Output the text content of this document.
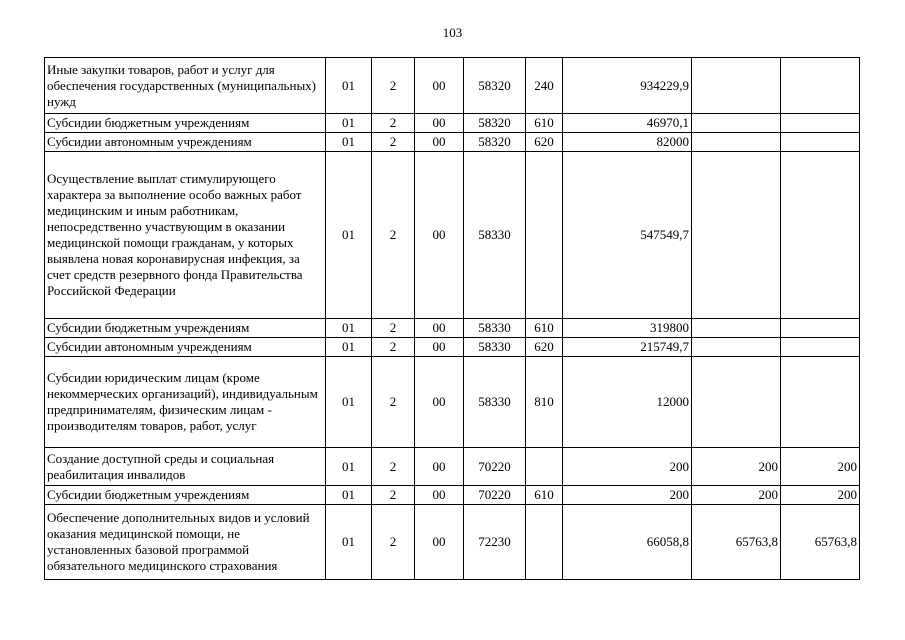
103
Иные закупки товаров, работ и услуг для обеспечения государственных (муниципальных) нужд	01	2	00	58320	240	934229,9		
Субсидии бюджетным учреждениям	01	2	00	58320	610	46970,1		
Субсидии автономным учреждениям	01	2	00	58320	620	82000		
Осуществление выплат стимулирующего характера за выполнение особо важных работ медицинским и иным работникам, непосредственно участвующим в оказании медицинской помощи гражданам, у которых выявлена новая коронавирусная инфекция, за счет средств резервного фонда Правительства Российской Федерации	01	2	00	58330		547549,7		
Субсидии бюджетным учреждениям	01	2	00	58330	610	319800		
Субсидии автономным учреждениям	01	2	00	58330	620	215749,7		
Субсидии юридическим лицам (кроме некоммерческих организаций), индивидуальным предпринимателям, физическим лицам - производителям товаров, работ, услуг	01	2	00	58330	810	12000		
Создание доступной среды и социальная реабилитация инвалидов	01	2	00	70220		200	200	200
Субсидии бюджетным учреждениям	01	2	00	70220	610	200	200	200
Обеспечение дополнительных видов и условий оказания медицинской помощи, не установленных базовой программой обязательного медицинского страхования	01	2	00	72230		66058,8	65763,8	65763,8
